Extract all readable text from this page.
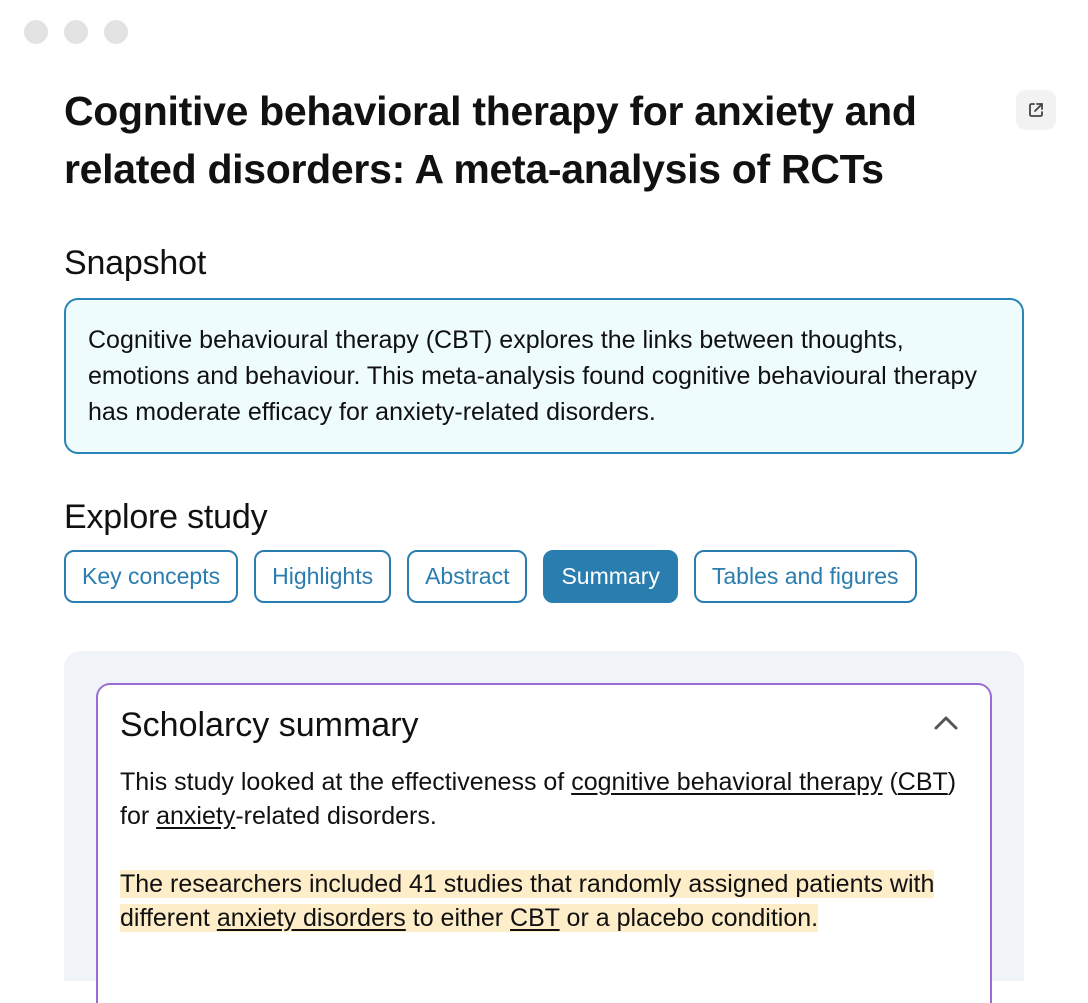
Cognitive behavioral therapy for anxiety and related disorders: A meta-analysis of RCTs
Snapshot
Cognitive behavioural therapy (CBT) explores the links between thoughts, emotions and behaviour. This meta-analysis found cognitive behavioural therapy has moderate efficacy for anxiety-related disorders.
Explore study
Key concepts	Highlights	Abstract	Summary	Tables and figures
Scholarcy summary

This study looked at the effectiveness of cognitive behavioral therapy (CBT) for anxiety-related disorders.

The researchers included 41 studies that randomly assigned patients with different anxiety disorders to either CBT or a placebo condition.
